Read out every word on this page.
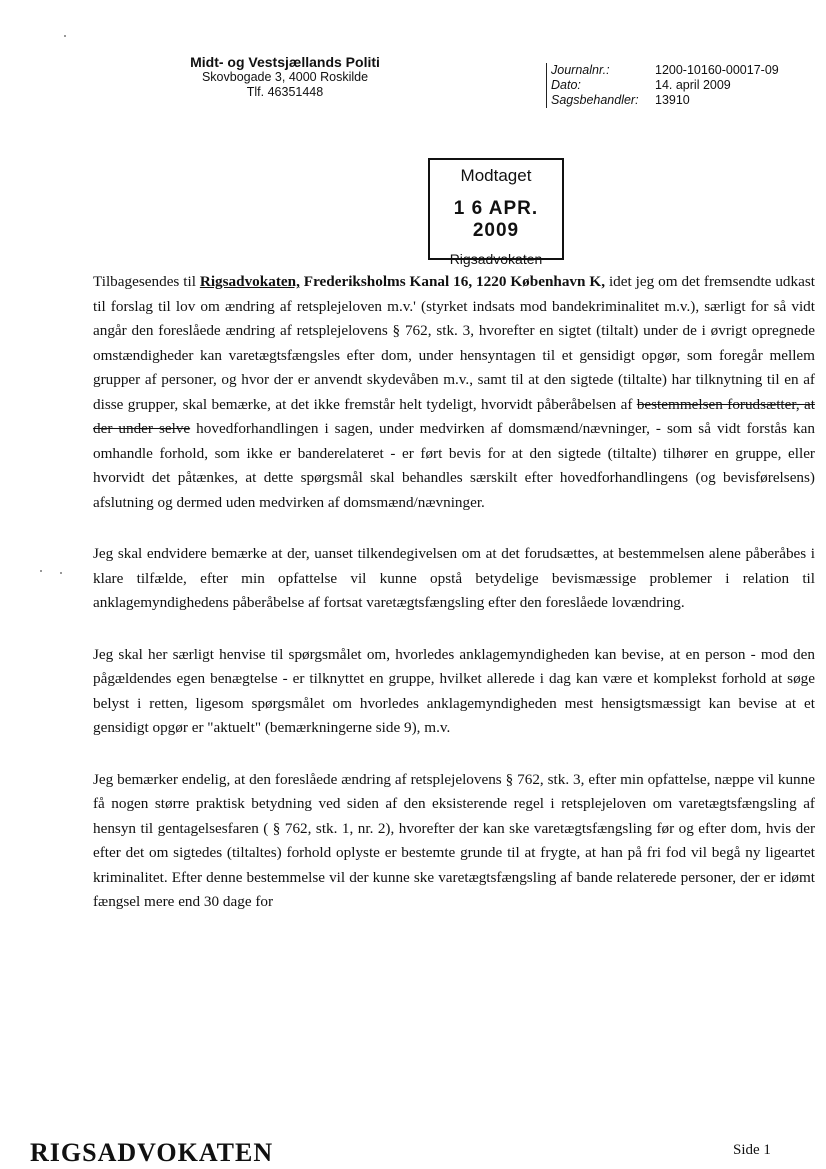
Midt- og Vestsjællands Politi
Skovbogade 3, 4000 Roskilde
Tlf. 46351448
Journalnr.:	1200-10160-00017-09
Dato:	14. april 2009
Sagsbehandler:	13910
Modtaget
1 6 APR. 2009
Rigsadvokaten

Tilbagesendes til Rigsadvokaten, Frederiksholms Kanal 16, 1220 København K, idet jeg om det fremsendte udkast til forslag til lov om ændring af retsplejeloven m.v.' (styrket indsats mod bandekriminalitet m.v.), særligt for så vidt angår den foreslåede ændring af retsplejelovens § 762, stk. 3, hvorefter en sigtet (tiltalt) under de i øvrigt opregnede omstændigheder kan varetægtsfængsles efter dom, under hensyntagen til et gensidigt opgør, som foregår mellem grupper af personer, og hvor der er anvendt skydevåben m.v., samt til at den sigtede (tiltalte) har tilknytning til en af disse grupper, skal bemærke, at det ikke fremstår helt tydeligt, hvorvidt påberåbelsen af bestemmelsen forudsætter, at der under selve hovedforhandlingen i sagen, under medvirken af domsmænd/nævninger, - som så vidt forstås kan omhandle forhold, som ikke er banderelateret - er ført bevis for at den sigtede (tiltalte) tilhører en gruppe, eller hvorvidt det påtænkes, at dette spørgsmål skal behandles særskilt efter hovedforhandlingens (og bevisførelsens) afslutning og dermed uden medvirken af domsmænd/nævninger.

Jeg skal endvidere bemærke at der, uanset tilkendegivelsen om at det forudsættes, at bestemmelsen alene påberåbes i klare tilfælde, efter min opfattelse vil kunne opstå betydelige bevismæssige problemer i relation til anklagemyndighedens påberåbelse af fortsat varetægtsfængsling efter den foreslåede lovændring.

Jeg skal her særligt henvise til spørgsmålet om, hvorledes anklagemyndigheden kan bevise, at en person - mod den pågældendes egen benægtelse - er tilknyttet en gruppe, hvilket allerede i dag kan være et komplekst forhold at søge belyst i retten, ligesom spørgsmålet om hvorledes anklagemyndigheden mest hensigtsmæssigt kan bevise at et gensidigt opgør er "aktuelt" (bemærkningerne side 9), m.v.

Jeg bemærker endelig, at den foreslåede ændring af retsplejelovens § 762, stk. 3, efter min opfattelse, næppe vil kunne få nogen større praktisk betydning ved siden af den eksisterende regel i retsplejeloven om varetægtsfængsling af hensyn til gentagelsesfaren ( § 762, stk. 1, nr. 2), hvorefter der kan ske varetægtsfængsling før og efter dom, hvis der efter det om sigtedes (tiltaltes) forhold oplyste er bestemte grunde til at frygte, at han på fri fod vil begå ny ligeartet kriminalitet. Efter denne bestemmelse vil der kunne ske varetægtsfængsling af bande relaterede personer, der er idømt fængsel mere end 30 dage for

RIGSADVOKATEN	Side 1
